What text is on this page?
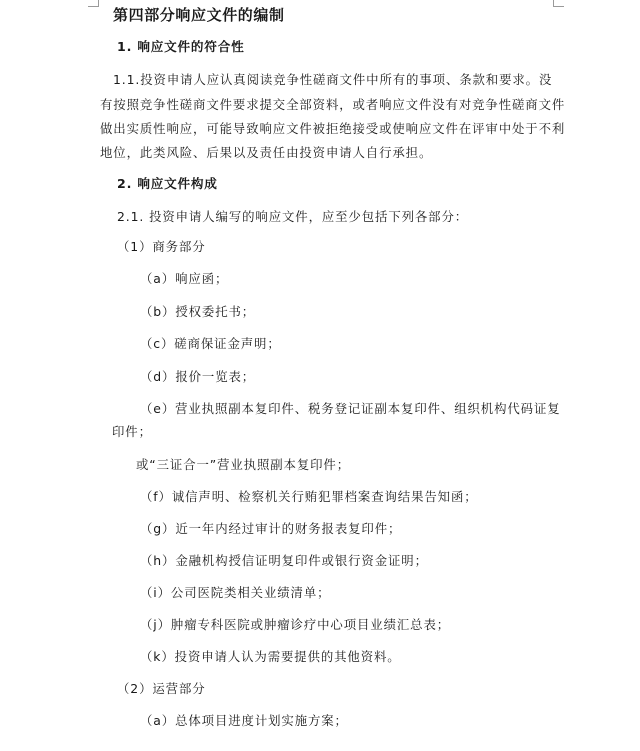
第四部分响应文件的编制
1. 响应文件的符合性
1.1.投资申请人应认真阅读竞争性磋商文件中所有的事项、条款和要求。没
有按照竞争性磋商文件要求提交全部资料，或者响应文件没有对竞争性磋商文件
做出实质性响应，可能导致响应文件被拒绝接受或使响应文件在评审中处于不利
地位，此类风险、后果以及责任由投资申请人自行承担。
2. 响应文件构成
2.1. 投资申请人编写的响应文件，应至少包括下列各部分：
（1）商务部分
（a）响应函；
（b）授权委托书；
（c）磋商保证金声明；
（d）报价一览表；
（e）营业执照副本复印件、税务登记证副本复印件、组织机构代码证复
印件；
或“三证合一”营业执照副本复印件；
（f）诚信声明、检察机关行贿犯罪档案查询结果告知函；
（g）近一年内经过审计的财务报表复印件；
（h）金融机构授信证明复印件或银行资金证明；
（i）公司医院类相关业绩清单；
（j）肿瘤专科医院或肿瘤诊疗中心项目业绩汇总表；
（k）投资申请人认为需要提供的其他资料。
（2）运营部分
（a）总体项目进度计划实施方案；
